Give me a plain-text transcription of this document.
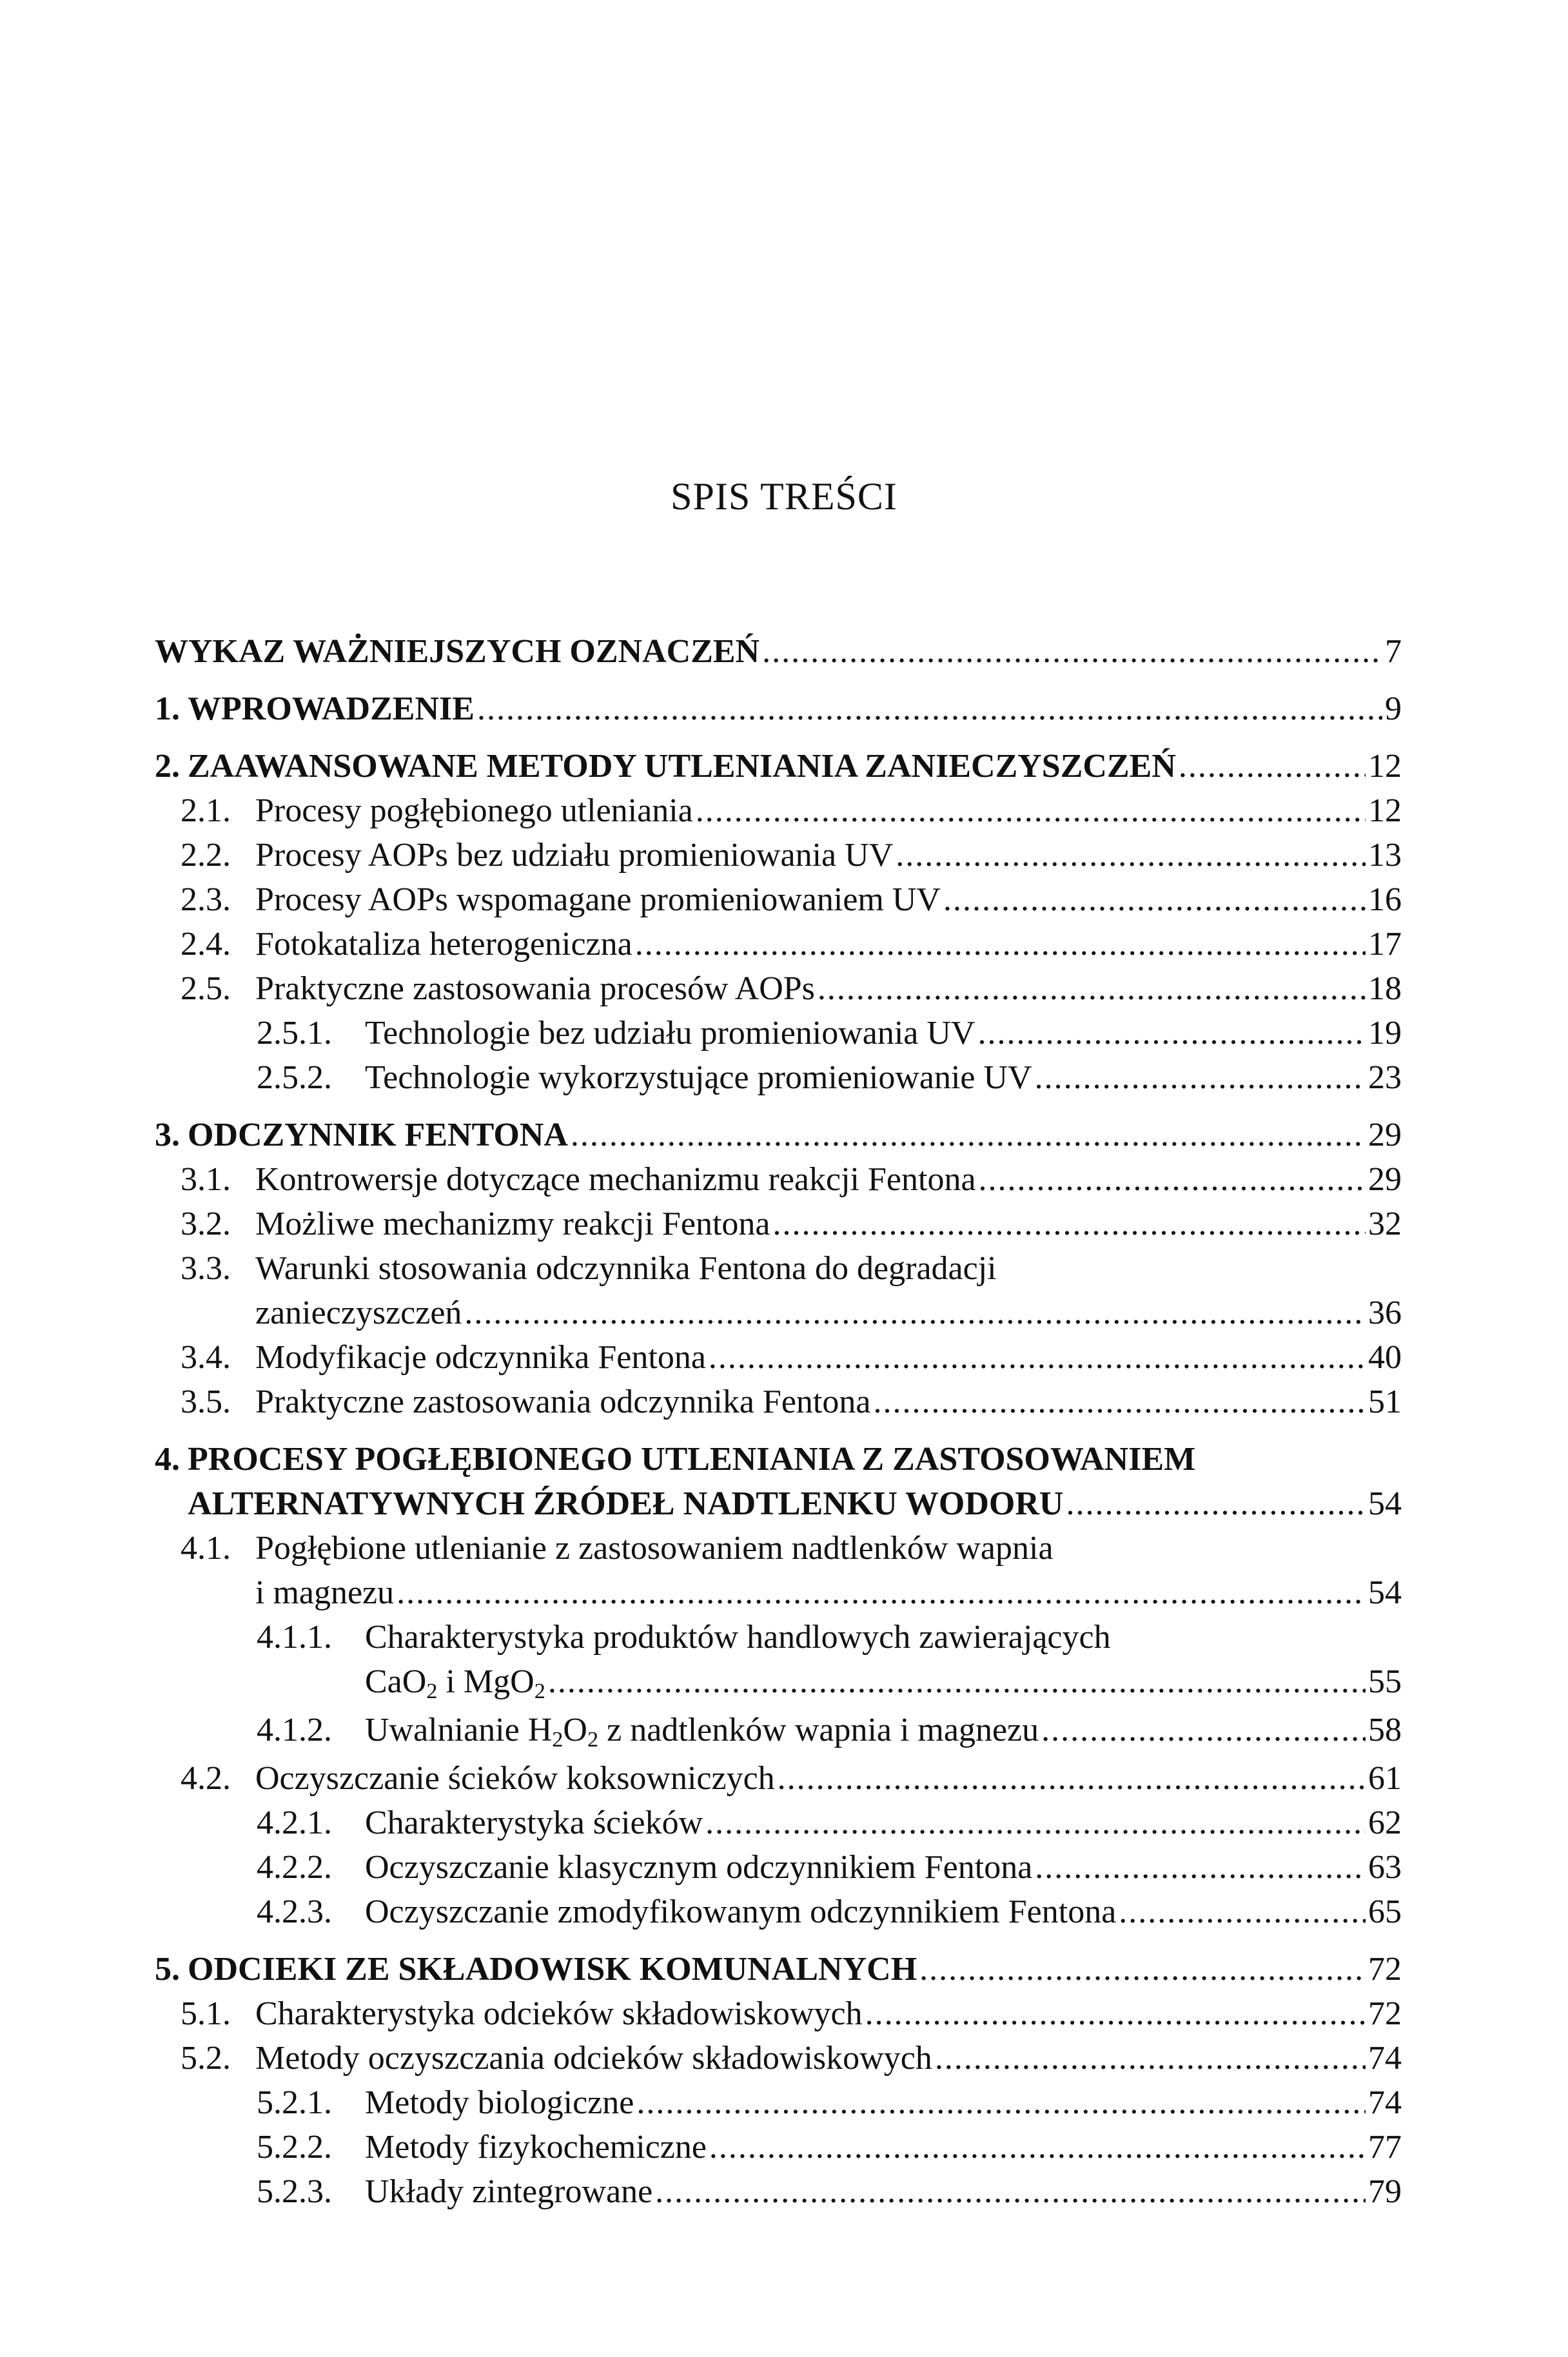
SPIS TREŚCI
WYKAZ WAŻNIEJSZYCH OZNACZEŃ .....	7
1. WPROWADZENIE .....	9
2. ZAAWANSOWANE METODY UTLENIANIA ZANIECZYSZCZEŃ .....	12
2.1. Procesy pogłębionego utleniania .....	12
2.2. Procesy AOPs bez udziału promieniowania UV .....	13
2.3. Procesy AOPs wspomagane promieniowaniem UV .....	16
2.4. Fotokataliza heterogeniczna .....	17
2.5. Praktyczne zastosowania procesów AOPs .....	18
2.5.1. Technologie bez udziału promieniowania UV .....	19
2.5.2. Technologie wykorzystujące promieniowanie UV .....	23
3. ODCZYNNIK FENTONA .....	29
3.1. Kontrowersje dotyczące mechanizmu reakcji Fentona .....	29
3.2. Możliwe mechanizmy reakcji Fentona .....	32
3.3. Warunki stosowania odczynnika Fentona do degradacji
zanieczyszczeń .....	36
3.4. Modyfikacje odczynnika Fentona .....	40
3.5. Praktyczne zastosowania odczynnika Fentona .....	51
4. PROCESY POGŁĘBIONEGO UTLENIANIA Z ZASTOSOWANIEM
ALTERNATYWNYCH ŹRÓDEŁ NADTLENKU WODORU .....	54
4.1. Pogłębione utlenianie z zastosowaniem nadtlenków wapnia
i magnezu .....	54
4.1.1. Charakterystyka produktów handlowych zawierających
CaO$_2$ i MgO$_2$ .....	55
4.1.2. Uwalnianie $H_2O_2$ z nadtlenków wapnia i magnezu .....	58
4.2. Oczyszczanie ścieków koksowniczych .....	61
4.2.1. Charakterystyka ścieków .....	62
4.2.2. Oczyszczanie klasycznym odczynnikiem Fentona .....	63
4.2.3. Oczyszczanie zmodyfikowanym odczynnikiem Fentona .....	65
5. ODCIEKI ZE SKŁADOWISK KOMUNALNYCH .....	72
5.1. Charakterystyka odcieków składowiskowych .....	72
5.2. Metody oczyszczania odcieków składowiskowych .....	74
5.2.1. Metody biologiczne .....	74
5.2.2. Metody fizykochemiczne .....	77
5.2.3. Układy zintegrowane .....	79
